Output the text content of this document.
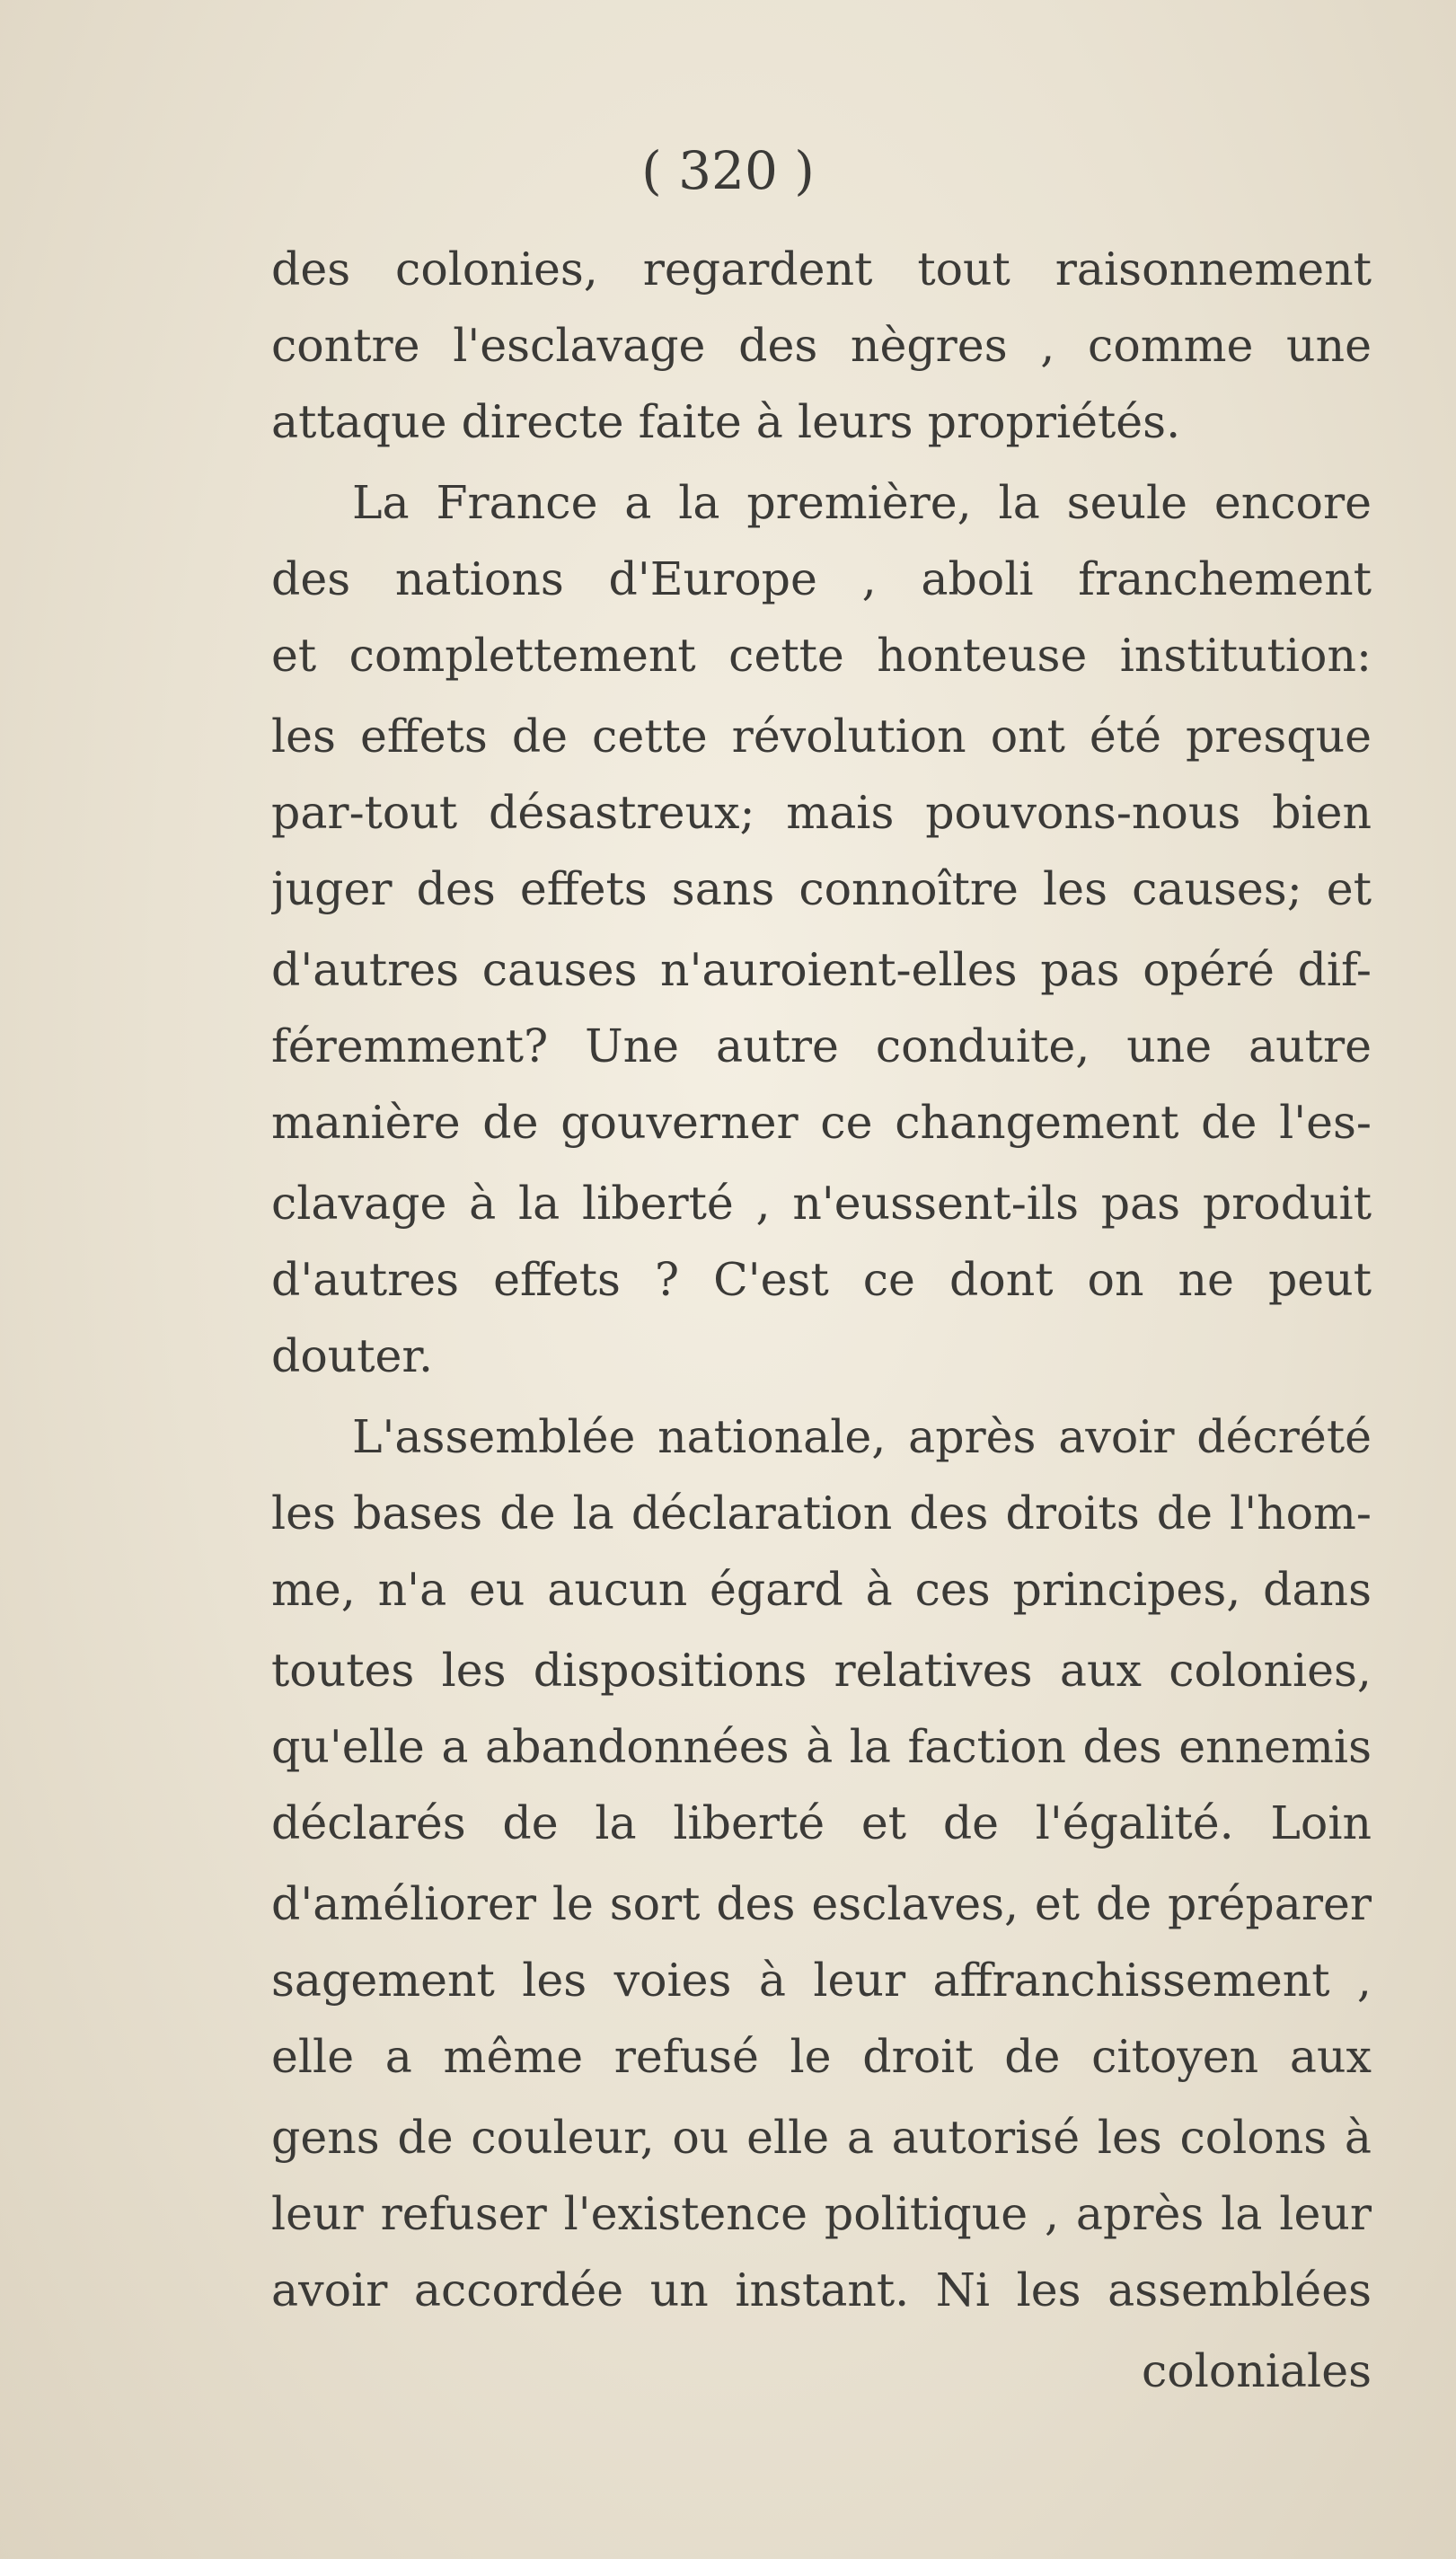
( 320 )
des colonies, regardent tout raisonnement
contre l'esclavage des nègres , comme une
attaque directe faite à leurs propriétés.
La France a la première, la seule encore
des nations d'Europe , aboli franchement
et complettement cette honteuse institution:
les effets de cette révolution ont été presque
par-tout désastreux; mais pouvons-nous bien
juger des effets sans connoître les causes; et
d'autres causes n'auroient-elles pas opéré dif-
féremment? Une autre conduite, une autre
manière de gouverner ce changement de l'es-
clavage à la liberté , n'eussent-ils pas produit
d'autres effets ? C'est ce dont on ne peut
douter.
L'assemblée nationale, après avoir décrété
les bases de la déclaration des droits de l'hom-
me, n'a eu aucun égard à ces principes, dans
toutes les dispositions relatives aux colonies,
qu'elle a abandonnées à la faction des ennemis
déclarés de la liberté et de l'égalité. Loin
d'améliorer le sort des esclaves, et de préparer
sagement les voies à leur affranchissement ,
elle a même refusé le droit de citoyen aux
gens de couleur, ou elle a autorisé les colons à
leur refuser l'existence politique , après la leur
avoir accordée un instant. Ni les assemblées
coloniales
